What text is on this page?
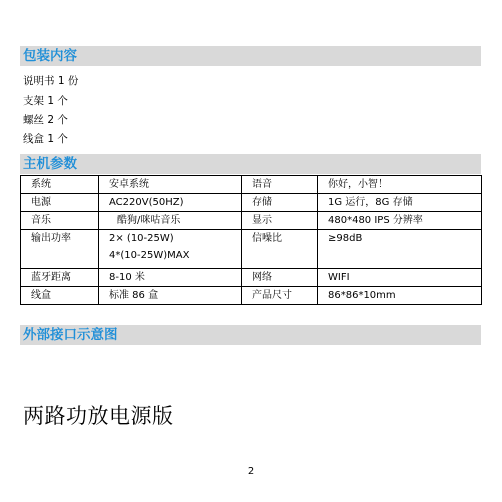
包装内容
说明书 1 份
支架 1 个
螺丝 2 个
线盒 1 个
主机参数
系统	安卓系统	语音	你好，小智！
电源	AC220V(50HZ)	存储	1G 运行，8G 存储
音乐	酷狗/咪咕音乐	显示	480*480 IPS 分辨率
输出功率	2× (10-25W)	信噪比	≥98dB
	4*(10-25W)MAX		
蓝牙距离	8-10 米	网络	WIFI
线盒	标准 86 盒	产品尺寸	86*86*10mm
外部接口示意图
两路功放电源版
2
